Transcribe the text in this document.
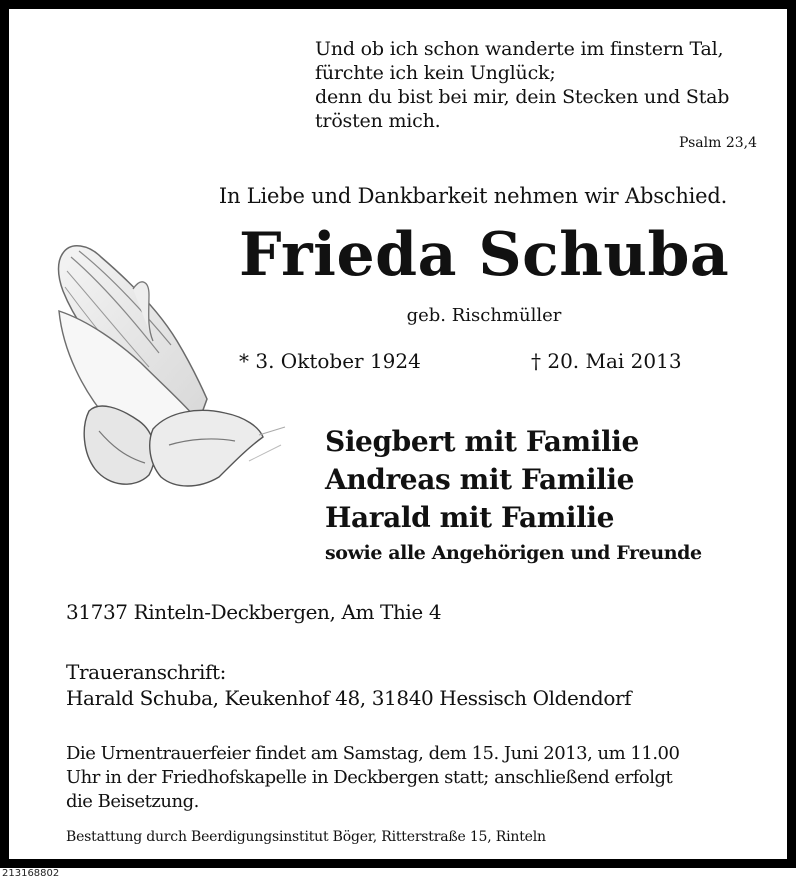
Und ob ich schon wanderte im finstern Tal,
fürchte ich kein Unglück;
denn du bist bei mir, dein Stecken und Stab
trösten mich.
Psalm 23,4
In Liebe und Dankbarkeit nehmen wir Abschied.
Frieda Schuba
geb. Rischmüller
* 3. Oktober 1924	† 20. Mai 2013
Siegbert mit Familie
Andreas mit Familie
Harald mit Familie
sowie alle Angehörigen und Freunde
31737 Rinteln-Deckbergen, Am Thie 4
Traueranschrift:
Harald Schuba, Keukenhof 48, 31840 Hessisch Oldendorf
Die Urnentrauerfeier findet am Samstag, dem 15. Juni 2013, um 11.00
Uhr in der Friedhofskapelle in Deckbergen statt; anschließend erfolgt
die Beisetzung.
Bestattung durch Beerdigungsinstitut Böger, Ritterstraße 15, Rinteln
213168802
